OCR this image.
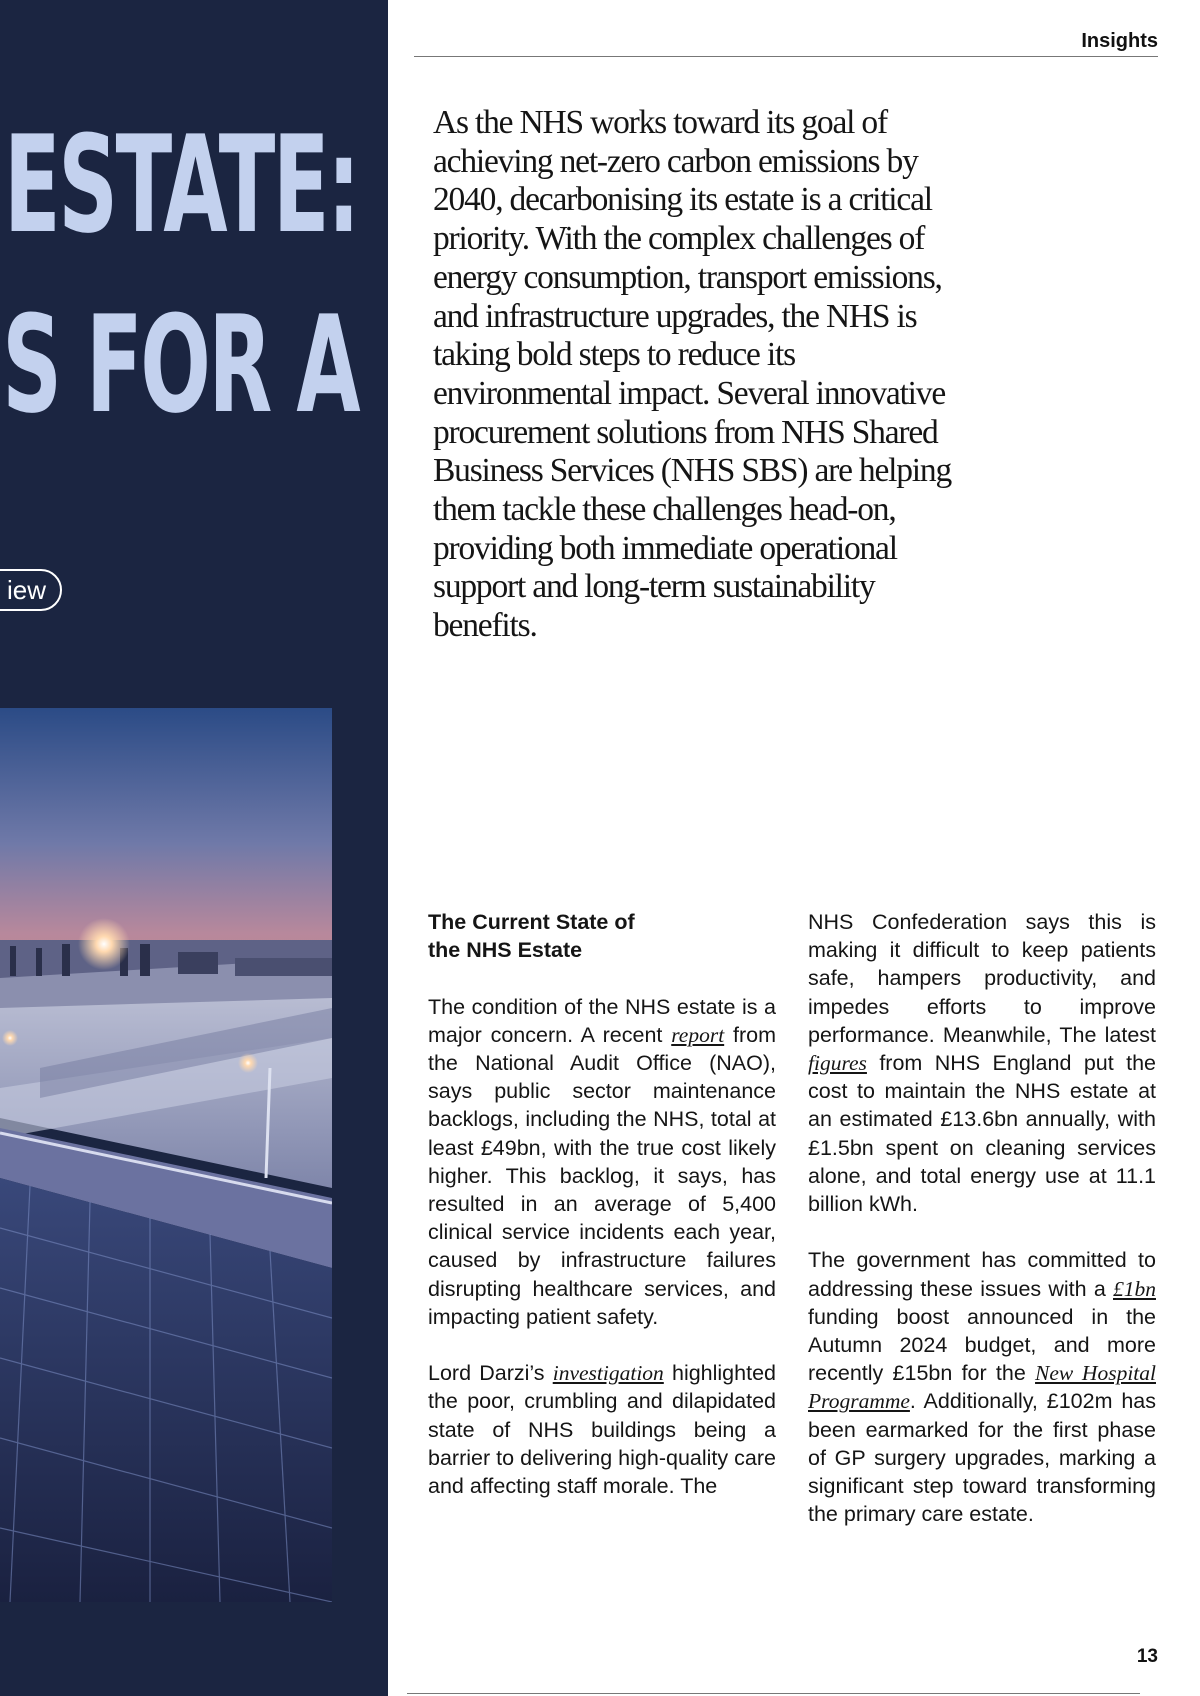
ESTATE:
S FOR A
iew
Insights

As the NHS works toward its goal of achieving net-zero carbon emissions by 2040, decarbonising its estate is a critical priority. With the complex challenges of energy consumption, transport emissions, and infrastructure upgrades, the NHS is taking bold steps to reduce its environmental impact. Several innovative procurement solutions from NHS Shared Business Services (NHS SBS) are helping them tackle these challenges head-on, providing both immediate operational support and long-term sustainability benefits.

The Current State of
the NHS Estate

The condition of the NHS estate is a major concern. A recent report from the National Audit Office (NAO), says public sector maintenance backlogs, including the NHS, total at least £49bn, with the true cost likely higher. This backlog, it says, has resulted in an average of 5,400 clinical service incidents each year, caused by infrastructure failures disrupting healthcare services, and impacting patient safety.

Lord Darzi’s investigation highlighted the poor, crumbling and dilapidated state of NHS buildings being a barrier to delivering high-quality care and affecting staff morale. The

NHS Confederation says this is making it difficult to keep patients safe, hampers productivity, and impedes efforts to improve performance. Meanwhile, The latest figures from NHS England put the cost to maintain the NHS estate at an estimated £13.6bn annually, with £1.5bn spent on cleaning services alone, and total energy use at 11.1 billion kWh.

The government has committed to addressing these issues with a £1bn funding boost announced in the Autumn 2024 budget, and more recently £15bn for the New Hospital Programme. Additionally, £102m has been earmarked for the first phase of GP surgery upgrades, marking a significant step toward transforming the primary care estate.

13
